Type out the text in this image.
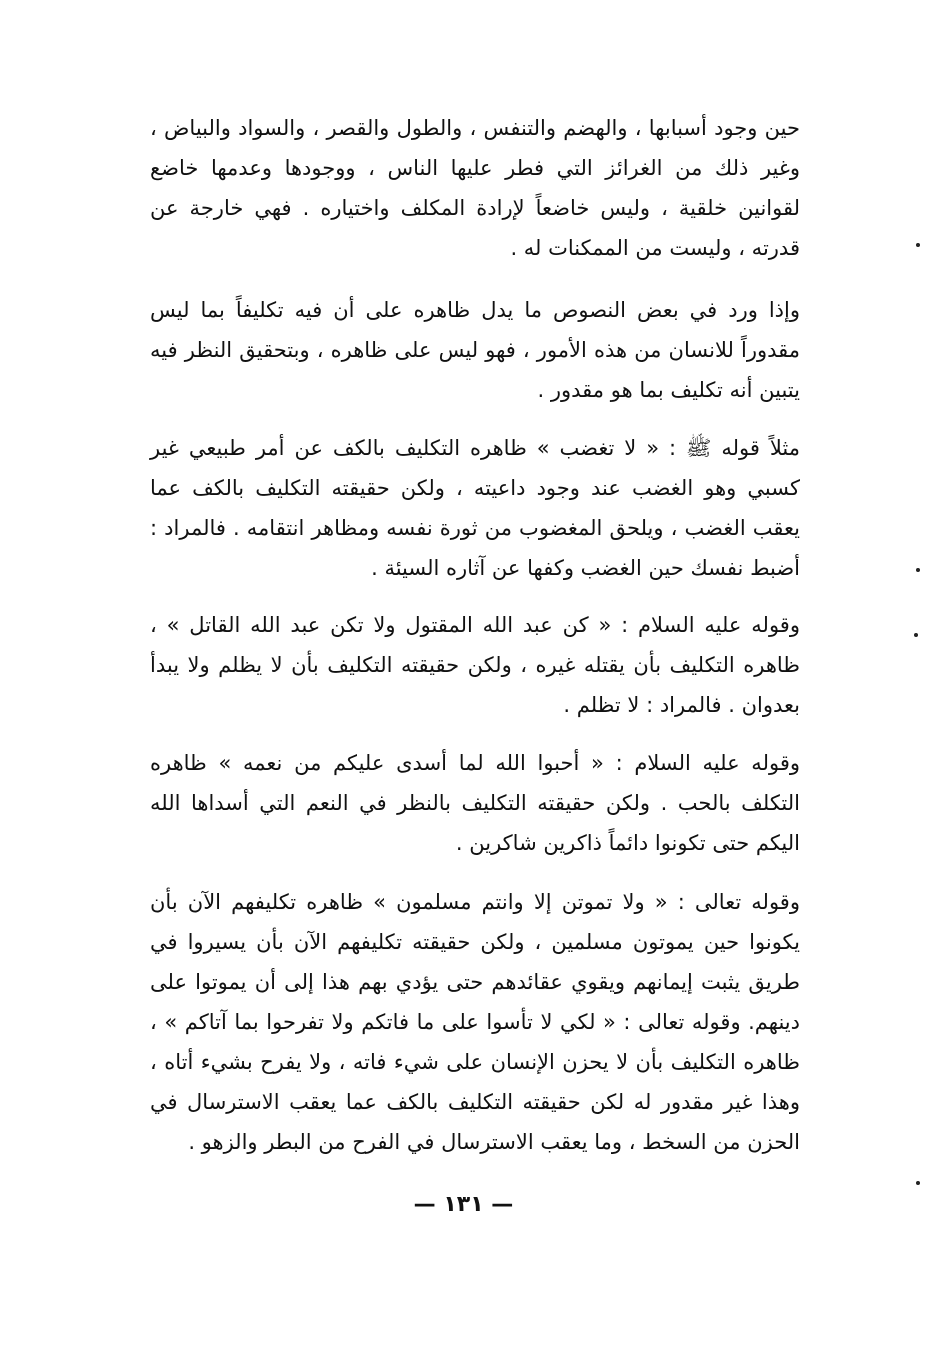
حين وجود أسبابها ، والهضم والتنفس ، والطول والقصر ، والسواد والبياض ، وغير ذلك من الغرائز التي فطر عليها الناس ، ووجودها وعدمها خاضع لقوانين خلقية ، وليس خاضعاً لإرادة المكلف واختياره . فهي خارجة عن قدرته ، وليست من الممكنات له .

وإذا ورد في بعض النصوص ما يدل ظاهره على أن فيه تكليفاً بما ليس مقدوراً للانسان من هذه الأمور ، فهو ليس على ظاهره ، وبتحقيق النظر فيه يتبين أنه تكليف بما هو مقدور .

مثلاً قوله ﷺ : « لا تغضب » ظاهره التكليف بالكف عن أمر طبيعي غير كسبي وهو الغضب عند وجود داعيته ، ولكن حقيقته التكليف بالكف عما يعقب الغضب ، ويلحق المغضوب من ثورة نفسه ومظاهر انتقامه . فالمراد : أضبط نفسك حين الغضب وكفها عن آثاره السيئة .

وقوله عليه السلام : « كن عبد الله المقتول ولا تكن عبد الله القاتل » ، ظاهره التكليف بأن يقتله غيره ، ولكن حقيقته التكليف بأن لا يظلم ولا يبدأ بعدوان . فالمراد : لا تظلم .

وقوله عليه السلام : « أحبوا الله لما أسدى عليكم من نعمه » ظاهره التكلف بالحب . ولكن حقيقته التكليف بالنظر في النعم التي أسداها الله اليكم حتى تكونوا دائماً ذاكرين شاكرين .

وقوله تعالى : « ولا تموتن إلا وانتم مسلمون » ظاهره تكليفهم الآن بأن يكونوا حين يموتون مسلمين ، ولكن حقيقته تكليفهم الآن بأن يسيروا في طريق يثبت إيمانهم ويقوي عقائدهم حتى يؤدي بهم هذا إلى أن يموتوا على دينهم. وقوله تعالى : « لكي لا تأسوا على ما فاتكم ولا تفرحوا بما آتاكم » ، ظاهره التكليف بأن لا يحزن الإنسان على شيء فاته ، ولا يفرح بشيء أتاه ، وهذا غير مقدور له لكن حقيقته التكليف بالكف عما يعقب الاسترسال في الحزن من السخط ، وما يعقب الاسترسال في الفرح من البطر والزهو .

— ١٣١ —
